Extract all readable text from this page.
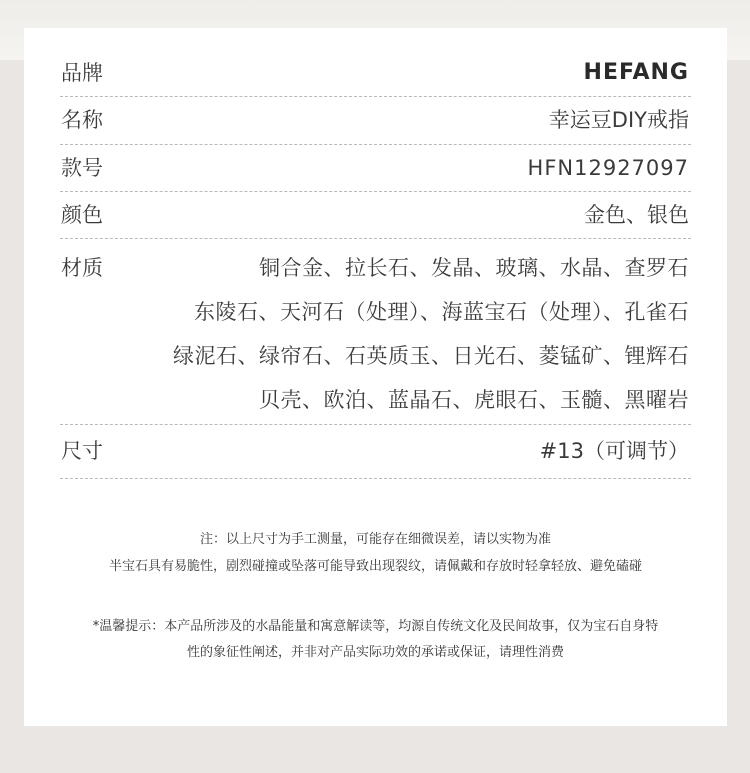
品牌	HEFANG
名称	幸运豆DIY戒指
款号	HFN12927097
颜色	金色、银色
材质	铜合金、拉长石、发晶、玻璃、水晶、查罗石
东陵石、天河石（处理）、海蓝宝石（处理）、孔雀石
绿泥石、绿帘石、石英质玉、日光石、菱锰矿、锂辉石
贝壳、欧泊、蓝晶石、虎眼石、玉髓、黑曜岩
尺寸	#13（可调节）
注：以上尺寸为手工测量，可能存在细微误差，请以实物为准
半宝石具有易脆性，剧烈碰撞或坠落可能导致出现裂纹，请佩戴和存放时轻拿轻放、避免磕碰
*温馨提示：本产品所涉及的水晶能量和寓意解读等，均源自传统文化及民间故事，仅为宝石自身特
性的象征性阐述，并非对产品实际功效的承诺或保证，请理性消费
